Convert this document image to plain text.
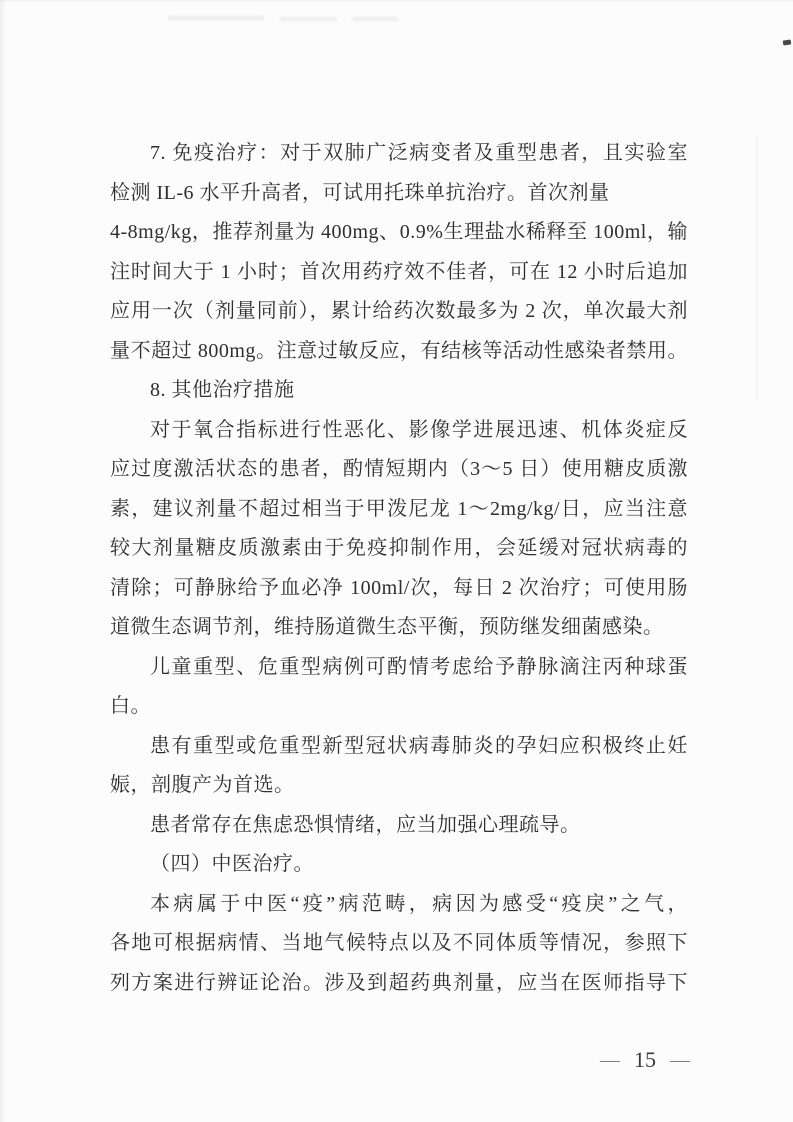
7. 免疫治疗：对于双肺广泛病变者及重型患者，且实验室
检测 IL-6 水平升高者，可试用托珠单抗治疗。首次剂量
4-8mg/kg，推荐剂量为 400mg、0.9%生理盐水稀释至 100ml，输
注时间大于 1 小时；首次用药疗效不佳者，可在 12 小时后追加
应用一次（剂量同前），累计给药次数最多为 2 次，单次最大剂
量不超过 800mg。注意过敏反应，有结核等活动性感染者禁用。
8. 其他治疗措施
对于氧合指标进行性恶化、影像学进展迅速、机体炎症反
应过度激活状态的患者，酌情短期内（3～5 日）使用糖皮质激
素，建议剂量不超过相当于甲泼尼龙 1～2mg/kg/日，应当注意
较大剂量糖皮质激素由于免疫抑制作用，会延缓对冠状病毒的
清除；可静脉给予血必净 100ml/次，每日 2 次治疗；可使用肠
道微生态调节剂，维持肠道微生态平衡，预防继发细菌感染。
儿童重型、危重型病例可酌情考虑给予静脉滴注丙种球蛋
白。
患有重型或危重型新型冠状病毒肺炎的孕妇应积极终止妊
娠，剖腹产为首选。
患者常存在焦虑恐惧情绪，应当加强心理疏导。
（四）中医治疗。
本病属于中医“疫”病范畴，病因为感受“疫戾”之气，
各地可根据病情、当地气候特点以及不同体质等情况，参照下
列方案进行辨证论治。涉及到超药典剂量，应当在医师指导下
— 15 —
